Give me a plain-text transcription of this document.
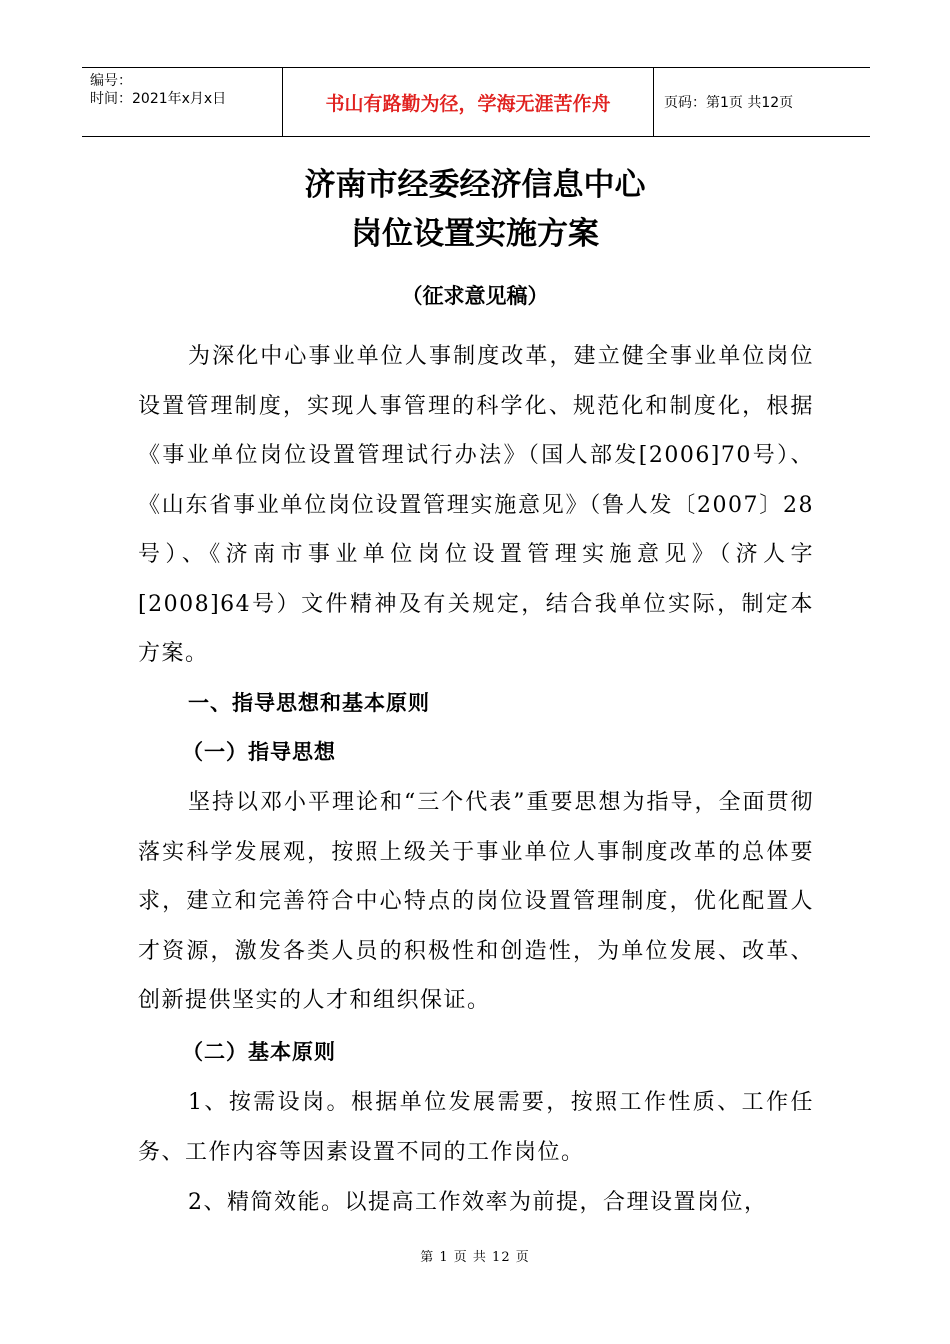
编号：
时间：2021年x月x日	书山有路勤为径，学海无涯苦作舟	页码：第1页 共12页
济南市经委经济信息中心
岗位设置实施方案
（征求意见稿）
为深化中心事业单位人事制度改革，建立健全事业单位岗位设置管理制度，实现人事管理的科学化、规范化和制度化，根据《事业单位岗位设置管理试行办法》（国人部发[2006]70号）、《山东省事业单位岗位设置管理实施意见》（鲁人发〔2007〕28号）、《济南市事业单位岗位设置管理实施意见》（济人字[2008]64号）文件精神及有关规定，结合我单位实际，制定本方案。
一、指导思想和基本原则
（一）指导思想
坚持以邓小平理论和“三个代表”重要思想为指导，全面贯彻落实科学发展观，按照上级关于事业单位人事制度改革的总体要求，建立和完善符合中心特点的岗位设置管理制度，优化配置人才资源，激发各类人员的积极性和创造性，为单位发展、改革、创新提供坚实的人才和组织保证。
（二）基本原则
1、按需设岗。根据单位发展需要，按照工作性质、工作任务、工作内容等因素设置不同的工作岗位。
2、精简效能。以提高工作效率为前提，合理设置岗位，
第 1 页 共 12 页
